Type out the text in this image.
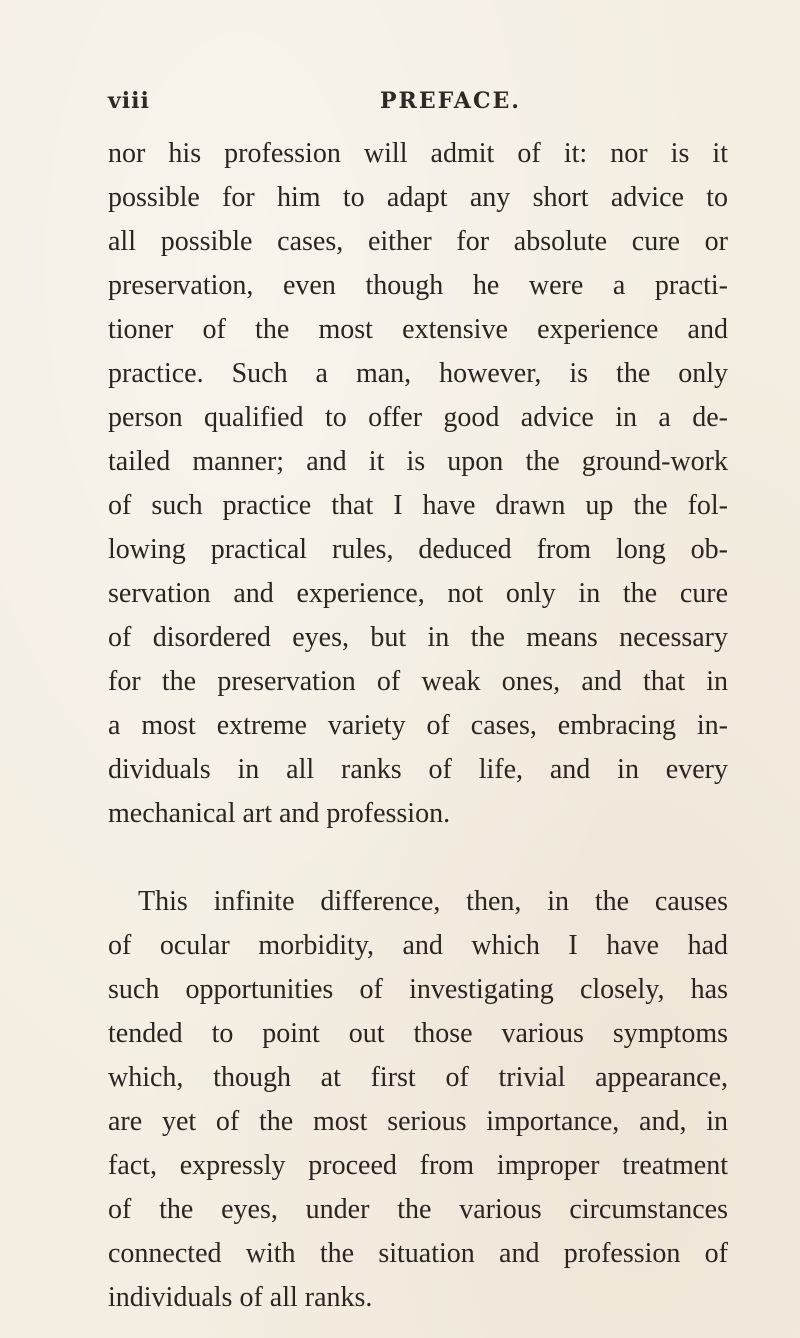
viii	PREFACE.
nor his profession will admit of it: nor is it
possible for him to adapt any short advice to
all possible cases, either for absolute cure or
preservation, even though he were a practi-
tioner of the most extensive experience and
practice. Such a man, however, is the only
person qualified to offer good advice in a de-
tailed manner; and it is upon the ground-work
of such practice that I have drawn up the fol-
lowing practical rules, deduced from long ob-
servation and experience, not only in the cure
of disordered eyes, but in the means necessary
for the preservation of weak ones, and that in
a most extreme variety of cases, embracing in-
dividuals in all ranks of life, and in every
mechanical art and profession.
This infinite difference, then, in the causes
of ocular morbidity, and which I have had
such opportunities of investigating closely, has
tended to point out those various symptoms
which, though at first of trivial appearance,
are yet of the most serious importance, and, in
fact, expressly proceed from improper treatment
of the eyes, under the various circumstances
connected with the situation and profession of
individuals of all ranks.
